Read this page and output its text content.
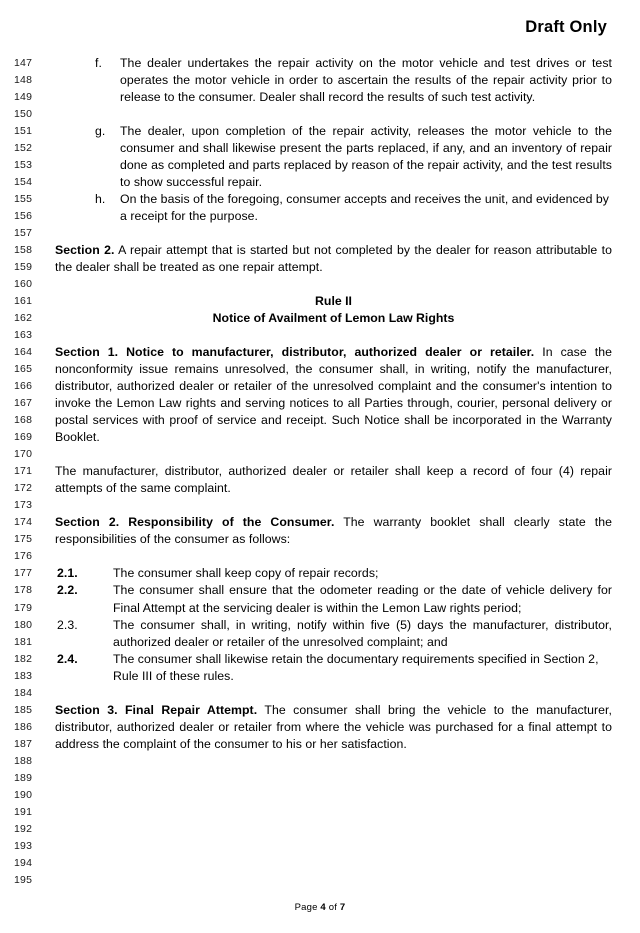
Draft Only
147
148
149
150
151
152
153
154
155
156
157
158
159
160
161
162
163
164
165
166
167
168
169
170
171
172
173
174
175
176
177
178
179
180
181
182
183
184
185
186
187
188
189
190
191
192
193
194
195
f.	The dealer undertakes the repair activity on the motor vehicle and test drives or test operates the motor vehicle in order to ascertain the results of the repair activity prior to release to the consumer. Dealer shall record the results of such test activity.
g.	The dealer, upon completion of the repair activity, releases the motor vehicle to the consumer and shall likewise present the parts replaced, if any, and an inventory of repair done as completed and parts replaced by reason of the repair activity, and the test results to show successful repair.
h.	On the basis of the foregoing, consumer accepts and receives the unit, and evidenced by a receipt for the purpose.
Section 2. A repair attempt that is started but not completed by the dealer for reason attributable to the dealer shall be treated as one repair attempt.
Rule II
Notice of Availment of Lemon Law Rights
Section 1. Notice to manufacturer, distributor, authorized dealer or retailer. In case the nonconformity issue remains unresolved, the consumer shall, in writing, notify the manufacturer, distributor, authorized dealer or retailer of the unresolved complaint and the consumer's intention to invoke the Lemon Law rights and serving notices to all Parties through, courier, personal delivery or postal services with proof of service and receipt. Such Notice shall be incorporated in the Warranty Booklet.
The manufacturer, distributor, authorized dealer or retailer shall keep a record of four (4) repair attempts of the same complaint.
Section 2. Responsibility of the Consumer. The warranty booklet shall clearly state the responsibilities of the consumer as follows:
2.1.	The consumer shall keep copy of repair records;
2.2.	The consumer shall ensure that the odometer reading or the date of vehicle delivery for Final Attempt at the servicing dealer is within the Lemon Law rights period;
2.3.	The consumer shall, in writing, notify within five (5) days the manufacturer, distributor, authorized dealer or retailer of the unresolved complaint; and
2.4.	The consumer shall likewise retain the documentary requirements specified in Section 2, Rule III of these rules.
Section 3. Final Repair Attempt. The consumer shall bring the vehicle to the manufacturer, distributor, authorized dealer or retailer from where the vehicle was purchased for a final attempt to address the complaint of the consumer to his or her satisfaction.
Page 4 of 7
